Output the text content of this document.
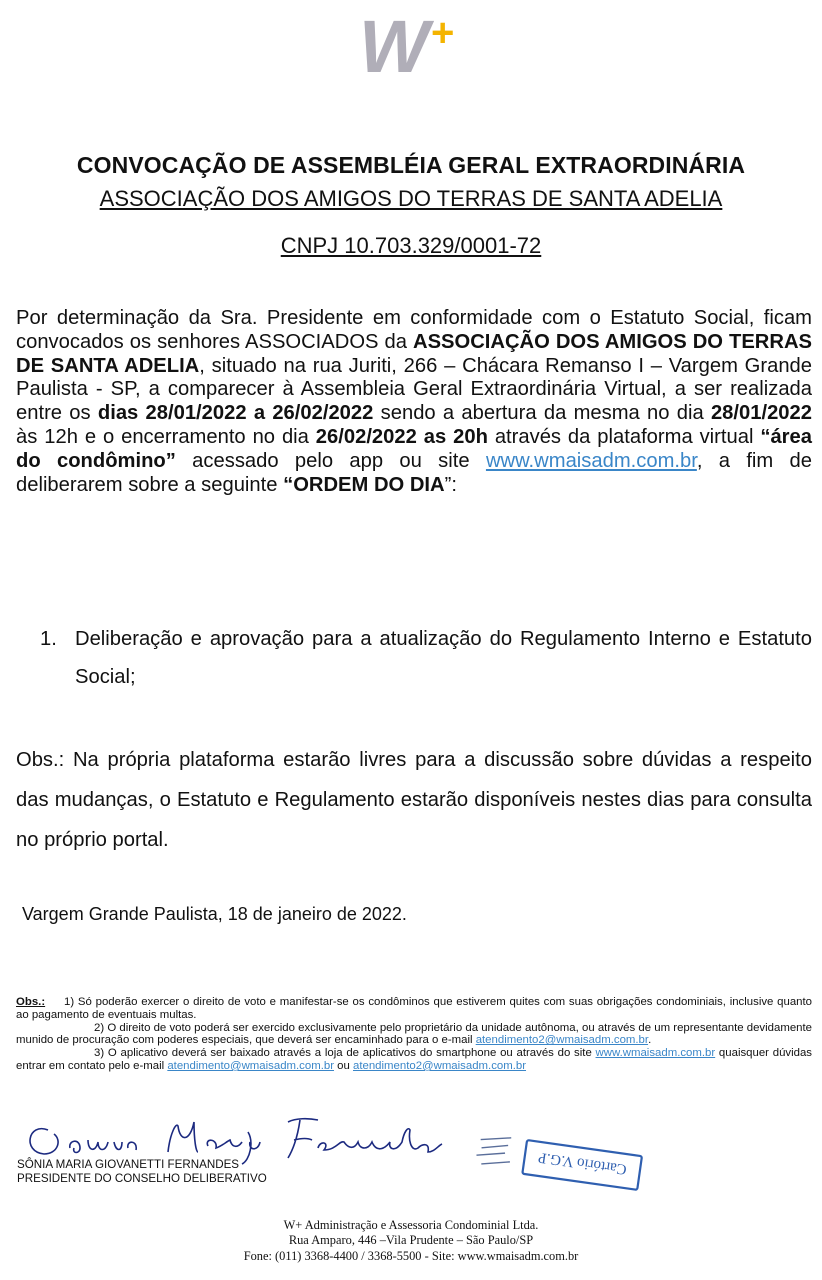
W +
CONVOCAÇÃO DE ASSEMBLÉIA GERAL EXTRAORDINÁRIA
ASSOCIAÇÃO DOS AMIGOS DO TERRAS DE SANTA ADELIA
CNPJ 10.703.329/0001-72
Por determinação da Sra. Presidente em conformidade com o Estatuto Social, ficam convocados os senhores ASSOCIADOS da ASSOCIAÇÃO DOS AMIGOS DO TERRAS DE SANTA ADELIA, situado na rua Juriti, 266 – Chácara Remanso I – Vargem Grande Paulista - SP, a comparecer à Assembleia Geral Extraordinária Virtual, a ser realizada entre os dias 28/01/2022 a 26/02/2022 sendo a abertura da mesma no dia 28/01/2022 às 12h e o encerramento no dia 26/02/2022 as 20h através da plataforma virtual “área do condômino” acessado pelo app ou site www.wmaisadm.com.br, a fim de deliberarem sobre a seguinte “ORDEM DO DIA”:
1. Deliberação e aprovação para a atualização do Regulamento Interno e Estatuto Social;
Obs.: Na própria plataforma estarão livres para a discussão sobre dúvidas a respeito das mudanças, o Estatuto e Regulamento estarão disponíveis nestes dias para consulta no próprio portal.
Vargem Grande Paulista, 18 de janeiro de 2022.

Obs.: 1) Só poderão exercer o direito de voto e manifestar-se os condôminos que estiverem quites com suas obrigações condominiais, inclusive quanto ao pagamento de eventuais multas.

2) O direito de voto poderá ser exercido exclusivamente pelo proprietário da unidade autônoma, ou através de um representante devidamente munido de procuração com poderes especiais, que deverá ser encaminhado para o e-mail atendimento2@wmaisadm.com.br.

3) O aplicativo deverá ser baixado através a loja de aplicativos do smartphone ou através do site www.wmaisadm.com.br quaisquer dúvidas entrar em contato pelo e-mail atendimento@wmaisadm.com.br ou atendimento2@wmaisadm.com.br

SÔNIA MARIA GIOVANETTI FERNANDES
PRESIDENTE DO CONSELHO DELIBERATIVO
Cartório V.G.P
W+ Administração e Assessoria Condominial Ltda.
Rua Amparo, 446 –Vila Prudente – São Paulo/SP
Fone: (011) 3368-4400 / 3368-5500 - Site: www.wmaisadm.com.br
